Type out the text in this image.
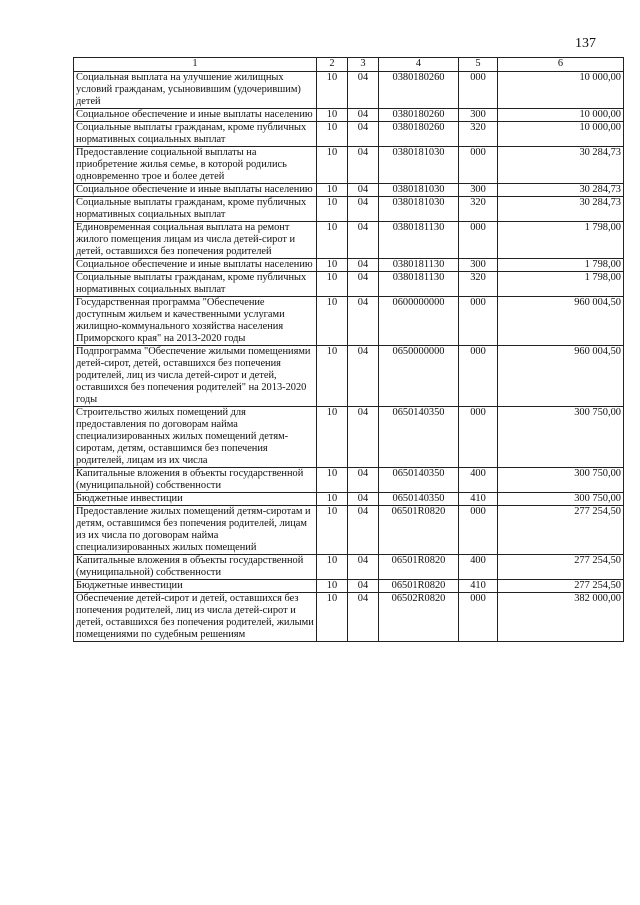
137
1	2	3	4	5	6
Социальная выплата на улучшение жилищных условий гражданам, усыновившим (удочерившим) детей	10	04	0380180260	000	10 000,00
Социальное обеспечение и иные выплаты населению	10	04	0380180260	300	10 000,00
Социальные выплаты гражданам, кроме публичных нормативных социальных выплат	10	04	0380180260	320	10 000,00
Предоставление социальной выплаты на приобретение жилья семье, в которой родились одновременно трое и более детей	10	04	0380181030	000	30 284,73
Социальное обеспечение и иные выплаты населению	10	04	0380181030	300	30 284,73
Социальные выплаты гражданам, кроме публичных нормативных социальных выплат	10	04	0380181030	320	30 284,73
Единовременная социальная выплата на ремонт жилого помещения лицам из числа детей-сирот и детей, оставшихся без попечения родителей	10	04	0380181130	000	1 798,00
Социальное обеспечение и иные выплаты населению	10	04	0380181130	300	1 798,00
Социальные выплаты гражданам, кроме публичных нормативных социальных выплат	10	04	0380181130	320	1 798,00
Государственная программа "Обеспечение доступным жильем и качественными услугами жилищно-коммунального хозяйства населения Приморского края" на 2013-2020 годы	10	04	0600000000	000	960 004,50
Подпрограмма "Обеспечение жилыми помещениями детей-сирот, детей, оставшихся без попечения родителей, лиц из числа детей-сирот и детей, оставшихся без попечения родителей" на 2013-2020 годы	10	04	0650000000	000	960 004,50
Строительство жилых помещений для предоставления по договорам найма специализированных жилых помещений детям-сиротам, детям, оставшимся без попечения родителей, лицам из их числа	10	04	0650140350	000	300 750,00
Капитальные вложения в объекты государственной (муниципальной) собственности	10	04	0650140350	400	300 750,00
Бюджетные инвестиции	10	04	0650140350	410	300 750,00
Предоставление жилых помещений детям-сиротам и детям, оставшимся без попечения родителей, лицам из их числа по договорам найма специализированных жилых помещений	10	04	06501R0820	000	277 254,50
Капитальные вложения в объекты государственной (муниципальной) собственности	10	04	06501R0820	400	277 254,50
Бюджетные инвестиции	10	04	06501R0820	410	277 254,50
Обеспечение детей-сирот и детей, оставшихся без попечения родителей, лиц из числа детей-сирот и детей, оставшихся без попечения родителей, жилыми помещениями по судебным решениям	10	04	06502R0820	000	382 000,00
